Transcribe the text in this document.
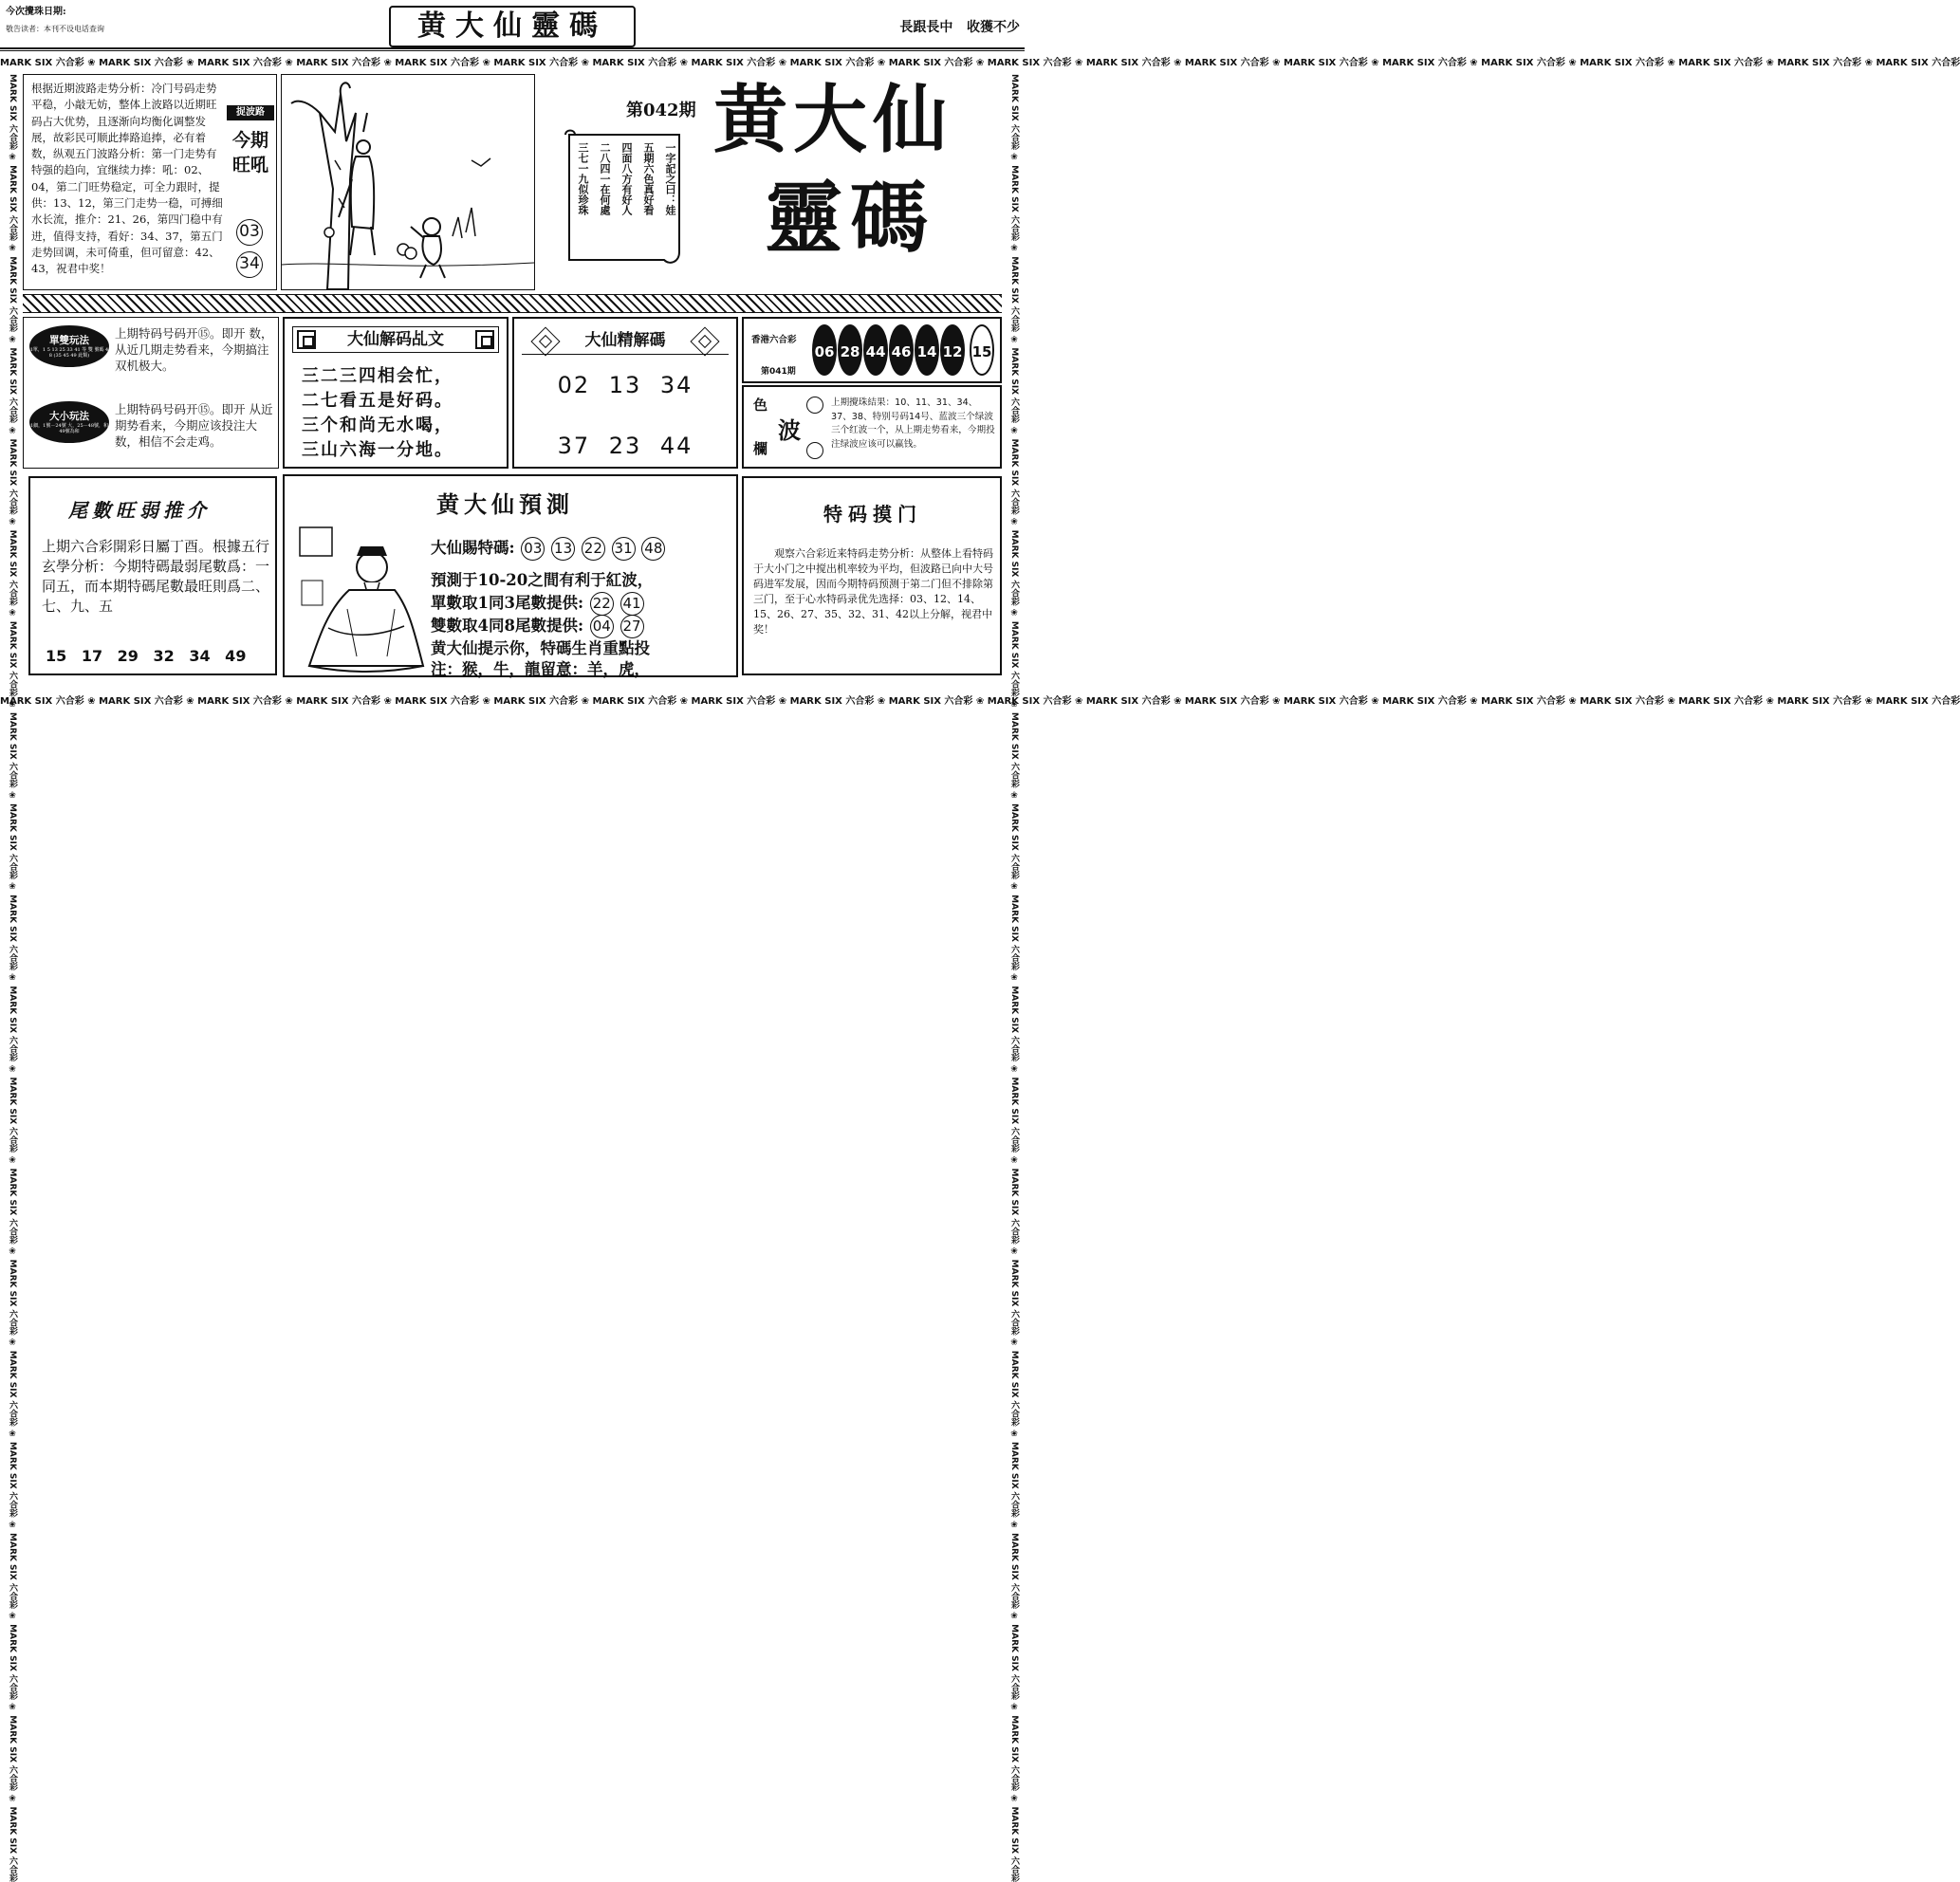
今次攪珠日期:
敬告读者：本刊不设电话查询	黄大仙靈碼	長跟長中 收獲不少
MARK SIX 六合彩 ❀ MARK SIX 六合彩 ❀ MARK SIX 六合彩 ❀ MARK SIX 六合彩 ❀ MARK SIX 六合彩 ❀ MARK SIX 六合彩 ❀ MARK SIX 六合彩 ❀ MARK SIX 六合彩 ❀ MARK SIX 六合彩 ❀ MARK SIX 六合彩 ❀ MARK SIX 六合彩 ❀ MARK SIX 六合彩 ❀ MARK SIX 六合彩 ❀ MARK SIX 六合彩 ❀ MARK SIX 六合彩 ❀ MARK SIX 六合彩 ❀ MARK SIX 六合彩 ❀ MARK SIX 六合彩 ❀ MARK SIX 六合彩 ❀ MARK SIX 六合彩
MARK SIX 六合彩 ❀ MARK SIX 六合彩 ❀ MARK SIX 六合彩 ❀ MARK SIX 六合彩 ❀ MARK SIX 六合彩 ❀ MARK SIX 六合彩 ❀ MARK SIX 六合彩 ❀ MARK SIX 六合彩 ❀ MARK SIX 六合彩 ❀ MARK SIX 六合彩 ❀ MARK SIX 六合彩 ❀ MARK SIX 六合彩 ❀ MARK SIX 六合彩 ❀ MARK SIX 六合彩 ❀ MARK SIX 六合彩 ❀ MARK SIX 六合彩 ❀ MARK SIX 六合彩 ❀ MARK SIX 六合彩 ❀ MARK SIX 六合彩 ❀ MARK SIX 六合彩
MARK SIX 六合彩 ❀ MARK SIX 六合彩 ❀ MARK SIX 六合彩 ❀ MARK SIX 六合彩 ❀ MARK SIX 六合彩 ❀ MARK SIX 六合彩 ❀ MARK SIX 六合彩 ❀ MARK SIX 六合彩 ❀ MARK SIX 六合彩 ❀ MARK SIX 六合彩 ❀ MARK SIX 六合彩 ❀ MARK SIX 六合彩 ❀ MARK SIX 六合彩 ❀ MARK SIX 六合彩 ❀ MARK SIX 六合彩 ❀ MARK SIX 六合彩 ❀ MARK SIX 六合彩 ❀ MARK SIX 六合彩 ❀ MARK SIX 六合彩 ❀ MARK SIX 六合彩	MARK SIX 六合彩 ❀ MARK SIX 六合彩 ❀ MARK SIX 六合彩 ❀ MARK SIX 六合彩 ❀ MARK SIX 六合彩 ❀ MARK SIX 六合彩 ❀ MARK SIX 六合彩 ❀ MARK SIX 六合彩 ❀ MARK SIX 六合彩 ❀ MARK SIX 六合彩 ❀ MARK SIX 六合彩 ❀ MARK SIX 六合彩 ❀ MARK SIX 六合彩 ❀ MARK SIX 六合彩 ❀ MARK SIX 六合彩 ❀ MARK SIX 六合彩 ❀ MARK SIX 六合彩 ❀ MARK SIX 六合彩 ❀ MARK SIX 六合彩 ❀ MARK SIX 六合彩
根据近期波路走势分析：冷门号码走势平稳，小敲无妨，整体上波路以近期旺码占大优势，且逐渐向均衡化调整发展，故彩民可顺此捧路追捧，必有着数，纵观五门波路分析：第一门走势有特强的趋向，宜继续力捧：吼：02、04，第二门旺势稳定，可全力跟时，提供：13、12，第三门走势一稳，可搏细水长流，推介：21、26，第四门稳中有进，值得支持，看好：34、37，第五门走势回调，未可倚重，但可留意：42、43，祝君中奖！
捉波路
今期旺吼
03
34
第042期
一字記之曰：娃
五期六色真好看
四面八方有好人
二八四一在何處
三七一九似珍珠
黄大仙
靈碼
單雙玩法
1單，1 5 13 25 33 41 等 雙 號碼 4 8 (35 45 49 此類)
上期特码号码开⑮。即开 数，从近几期走势看来，今期搞注双机极大。
大小玩法
1細，1號－24號 大，25－48號，和49號為和
上期特码号码开⑮。即开 从近期势看来，今期应该投注大数，相信不会走鸡。
大仙解码乩文
三二三四相会忙，
二七看五是好码。
三个和尚无水喝，
三山六海一分地。
大仙精解碼
02 13 34
37 23 44
香港六合彩
第041期
06 28 44 46 14 12 15
色
波
欄
上期攪珠結果：10、11、31、34、37、38、特别号码14号、蓝波三个绿波三个红波一个，从上期走势看来，今期投注绿波应该可以赢钱。
尾數旺弱推介
上期六合彩開彩日屬丁酉。根據五行玄學分析：今期特碼最弱尾數爲：一同五，而本期特碼尾數最旺則爲二、七、九、五
15 17 29 32 34 49
黄大仙預測
大仙賜特碼: 03 13 22 31 48
預測于10-20之間有利于紅波，
單數取1同3尾數提供: 22 41
雙數取4同8尾數提供: 04 27
黄大仙提示你，特碼生肖重點投
注：猴，牛，龍留意：羊，虎，
特码摸门
观察六合彩近来特码走势分析：从整体上看特码于大小门之中搅出机率较为平均，但波路已向中大号码进军发展，因而今期特码预测于第二门但不排除第三门，至于心水特码录优先选择：03、12、14、15、26、27、35、32、31、42以上分解，视君中奖！
